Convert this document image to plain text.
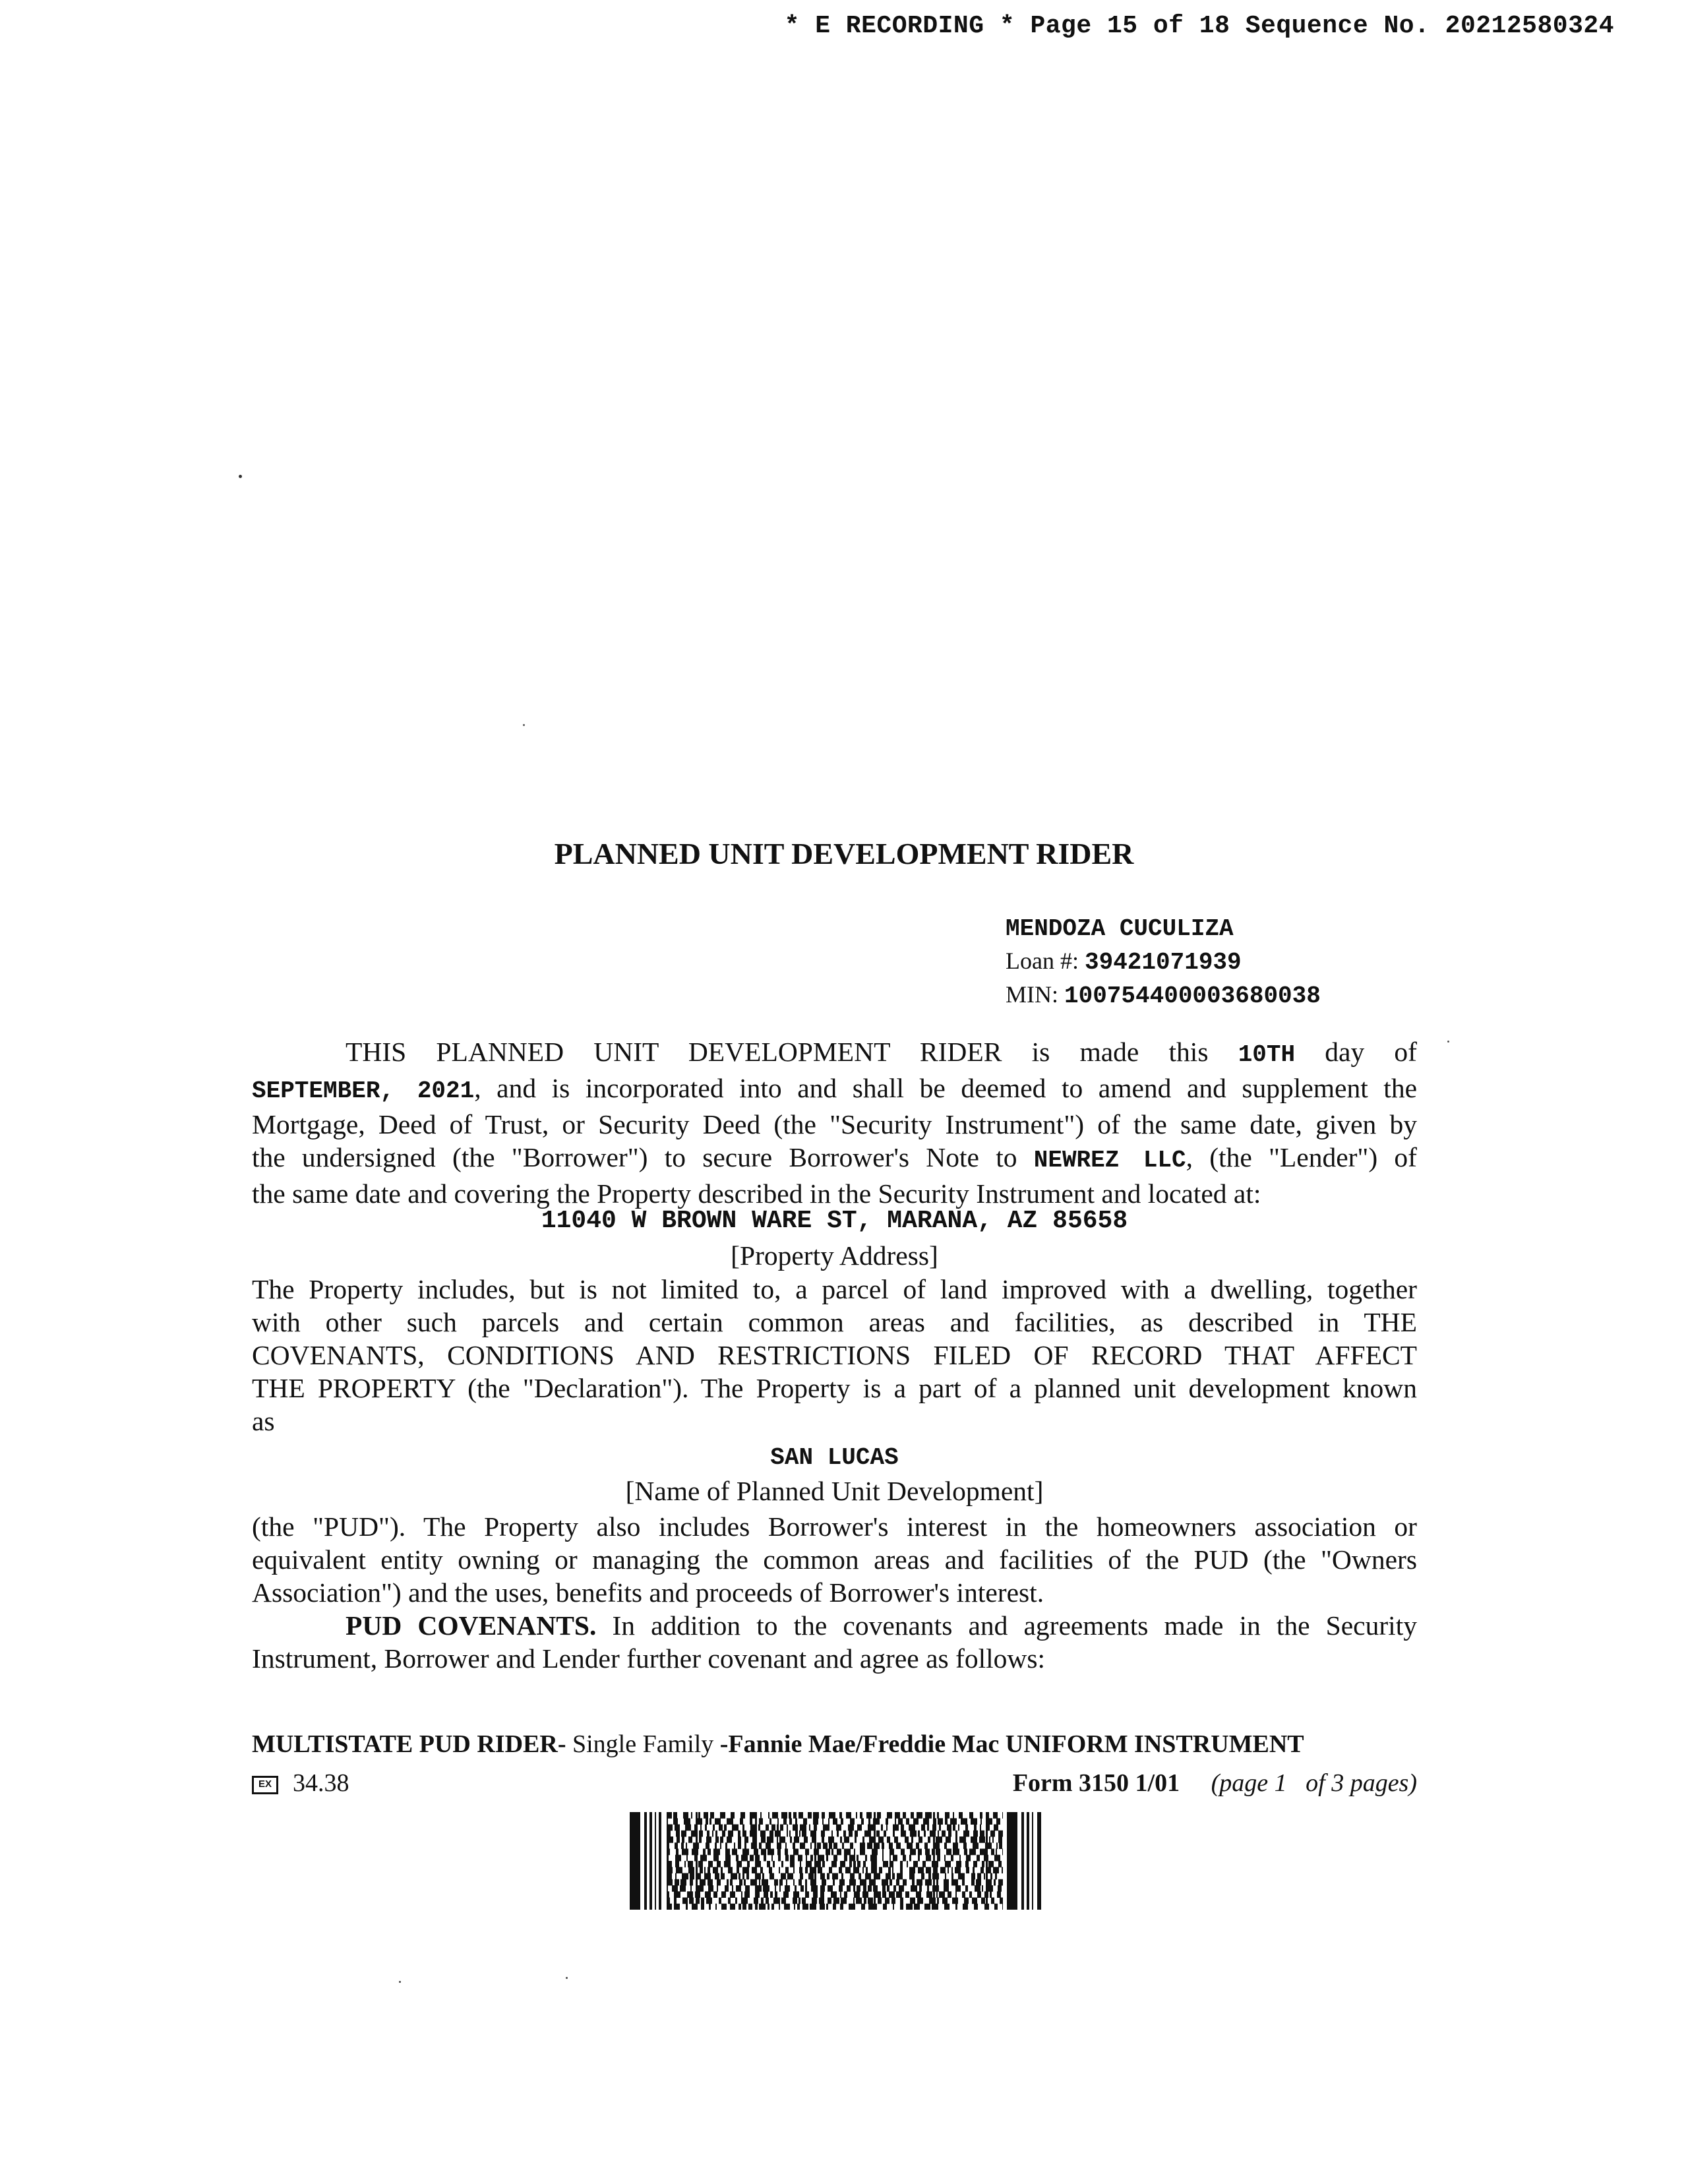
* E RECORDING * Page 15 of 18 Sequence No. 20212580324
PLANNED UNIT DEVELOPMENT RIDER
MENDOZA CUCULIZA
Loan #: 39421071939
MIN: 100754400003680038
THIS PLANNED UNIT DEVELOPMENT RIDER is made this 10TH day of
SEPTEMBER, 2021, and is incorporated into and shall be deemed to amend and supplement the
Mortgage, Deed of Trust, or Security Deed (the "Security Instrument") of the same date, given by
the undersigned (the "Borrower") to secure Borrower's Note to NEWREZ LLC, (the "Lender") of
the same date and covering the Property described in the Security Instrument and located at:
11040 W BROWN WARE ST, MARANA, AZ 85658
[Property Address]
The Property includes, but is not limited to, a parcel of land improved with a dwelling, together
with other such parcels and certain common areas and facilities, as described in THE
COVENANTS, CONDITIONS AND RESTRICTIONS FILED OF RECORD THAT AFFECT
THE PROPERTY (the "Declaration"). The Property is a part of a planned unit development known
as
SAN LUCAS
[Name of Planned Unit Development]
(the "PUD"). The Property also includes Borrower's interest in the homeowners association or
equivalent entity owning or managing the common areas and facilities of the PUD (the "Owners
Association") and the uses, benefits and proceeds of Borrower's interest.
PUD COVENANTS. In addition to the covenants and agreements made in the Security
Instrument, Borrower and Lender further covenant and agree as follows:
MULTISTATE PUD RIDER- Single Family -Fannie Mae/Freddie Mac UNIFORM INSTRUMENT
EX 34.38	Form 3150 1/01 (page 1   of 3 pages)
